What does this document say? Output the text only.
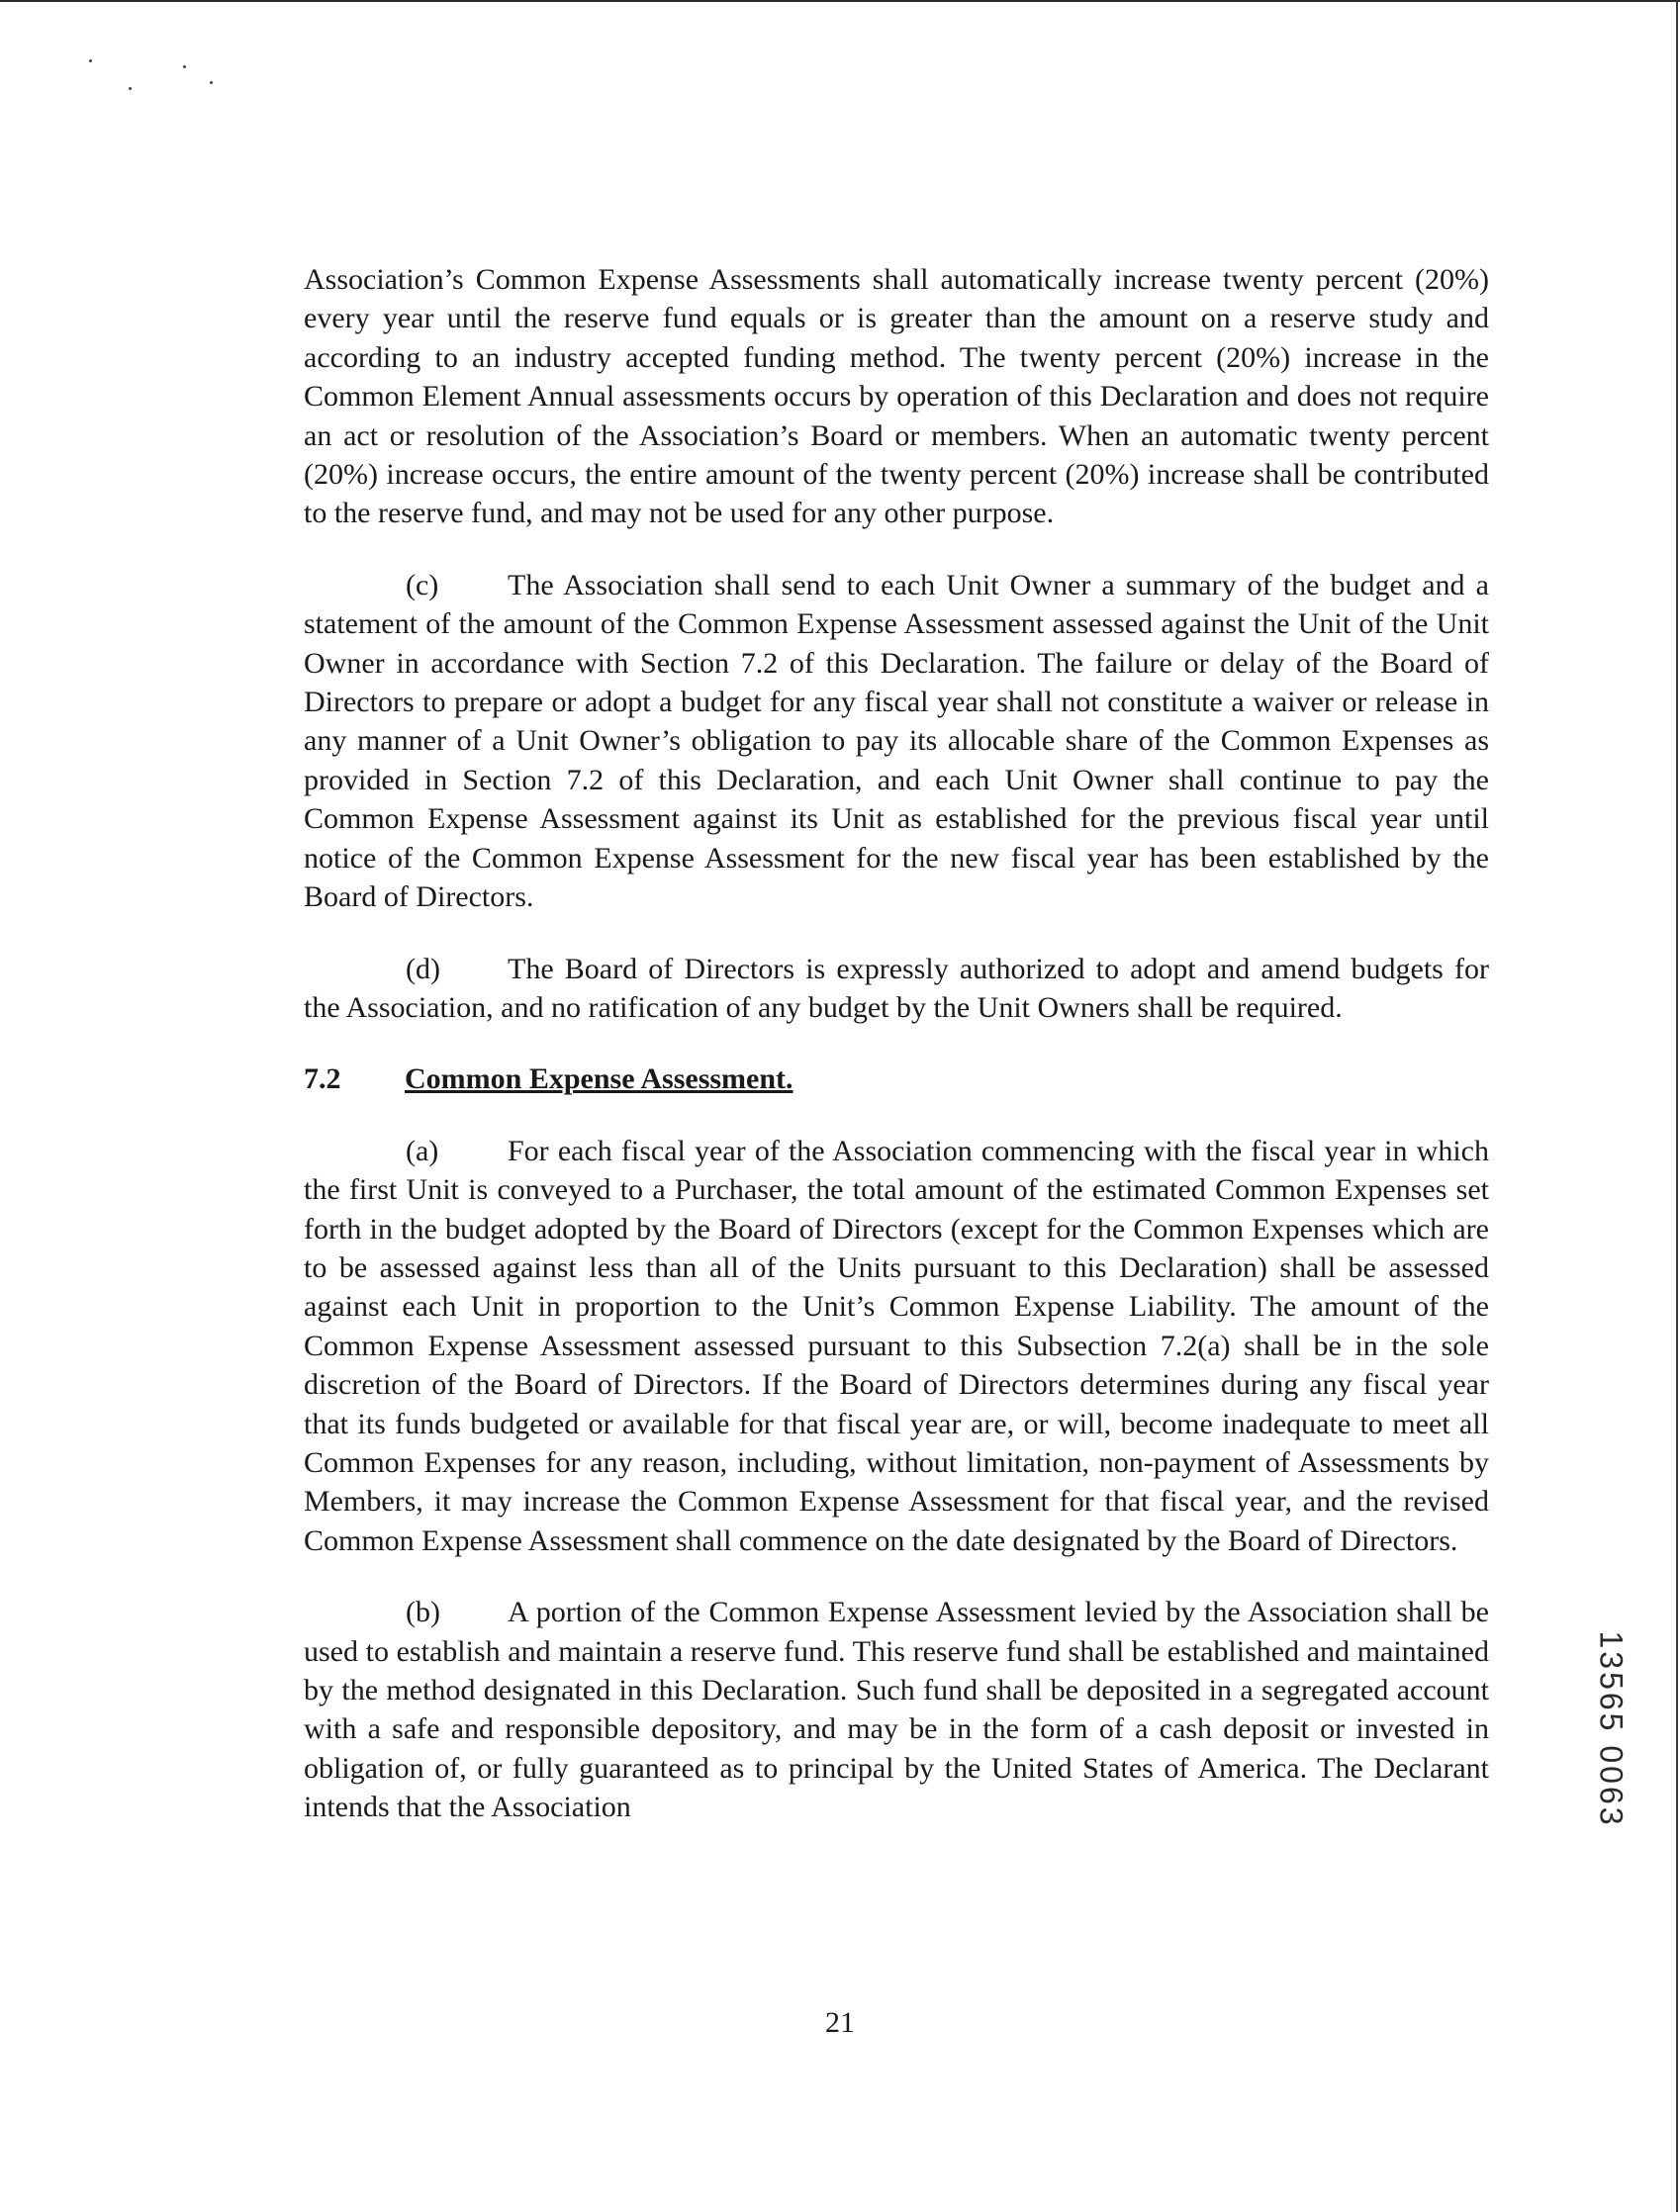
Association’s Common Expense Assessments shall automatically increase twenty percent (20%) every year until the reserve fund equals or is greater than the amount on a reserve study and according to an industry accepted funding method. The twenty percent (20%) increase in the Common Element Annual assessments occurs by operation of this Declaration and does not require an act or resolution of the Association’s Board or members. When an automatic twenty percent (20%) increase occurs, the entire amount of the twenty percent (20%) increase shall be contributed to the reserve fund, and may not be used for any other purpose.

(c) The Association shall send to each Unit Owner a summary of the budget and a statement of the amount of the Common Expense Assessment assessed against the Unit of the Unit Owner in accordance with Section 7.2 of this Declaration. The failure or delay of the Board of Directors to prepare or adopt a budget for any fiscal year shall not constitute a waiver or release in any manner of a Unit Owner’s obligation to pay its allocable share of the Common Expenses as provided in Section 7.2 of this Declaration, and each Unit Owner shall continue to pay the Common Expense Assessment against its Unit as established for the previous fiscal year until notice of the Common Expense Assessment for the new fiscal year has been established by the Board of Directors.

(d) The Board of Directors is expressly authorized to adopt and amend budgets for the Association, and no ratification of any budget by the Unit Owners shall be required.

7.2 Common Expense Assessment.

(a) For each fiscal year of the Association commencing with the fiscal year in which the first Unit is conveyed to a Purchaser, the total amount of the estimated Common Expenses set forth in the budget adopted by the Board of Directors (except for the Common Expenses which are to be assessed against less than all of the Units pursuant to this Declaration) shall be assessed against each Unit in proportion to the Unit’s Common Expense Liability. The amount of the Common Expense Assessment assessed pursuant to this Subsection 7.2(a) shall be in the sole discretion of the Board of Directors. If the Board of Directors determines during any fiscal year that its funds budgeted or available for that fiscal year are, or will, become inadequate to meet all Common Expenses for any reason, including, without limitation, non-payment of Assessments by Members, it may increase the Common Expense Assessment for that fiscal year, and the revised Common Expense Assessment shall commence on the date designated by the Board of Directors.

(b) A portion of the Common Expense Assessment levied by the Association shall be used to establish and maintain a reserve fund. This reserve fund shall be established and maintained by the method designated in this Declaration. Such fund shall be deposited in a segregated account with a safe and responsible depository, and may be in the form of a cash deposit or invested in obligation of, or fully guaranteed as to principal by the United States of America. The Declarant intends that the Association

21
13565 0063
